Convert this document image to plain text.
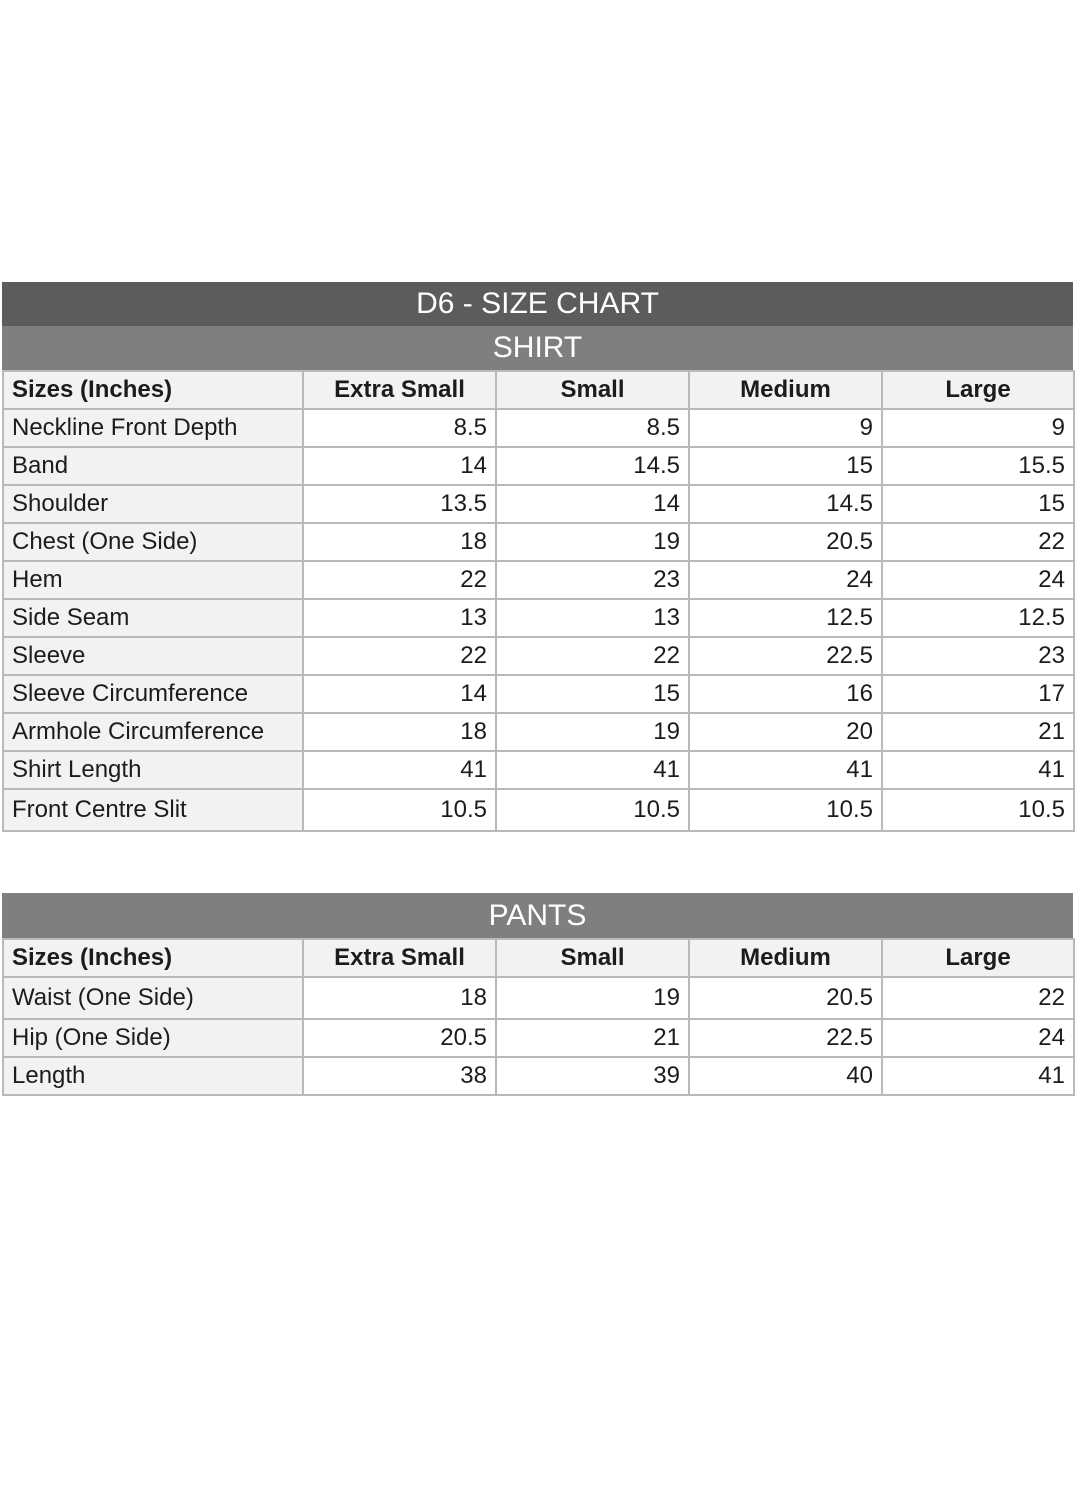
D6 - SIZE CHART
SHIRT
Sizes (Inches)	Extra Small	Small	Medium	Large
Neckline Front Depth	8.5	8.5	9	9
Band	14	14.5	15	15.5
Shoulder	13.5	14	14.5	15
Chest (One Side)	18	19	20.5	22
Hem	22	23	24	24
Side Seam	13	13	12.5	12.5
Sleeve	22	22	22.5	23
Sleeve Circumference	14	15	16	17
Armhole Circumference	18	19	20	21
Shirt Length	41	41	41	41
Front Centre Slit	10.5	10.5	10.5	10.5
PANTS
Sizes (Inches)	Extra Small	Small	Medium	Large
Waist (One Side)	18	19	20.5	22
Hip (One Side)	20.5	21	22.5	24
Length	38	39	40	41
